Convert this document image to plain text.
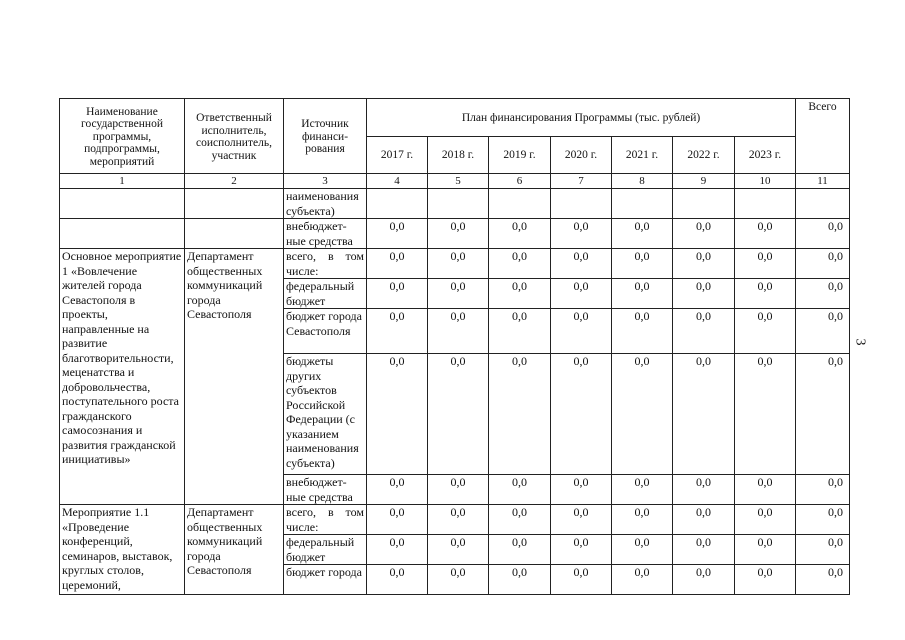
Наименование государственной программы, подпрограммы, мероприятий	Ответственный исполнитель, соисполнитель, участник	Источник финанси-рования	План финансирования Программы (тыс. рублей)							Всего
			2017 г.	2018 г.	2019 г.	2020 г.	2021 г.	2022 г.	2023 г.	
1	2	3	4	5	6	7	8	9	10	11
		наименования субъекта)								
		внебюджет-ные средства	0,0	0,0	0,0	0,0	0,0	0,0	0,0	0,0
Основное мероприятие 1 «Вовлечение жителей города Севастополя в проекты, направленные на развитие благотворительности, меценатства и добровольчества, поступательного роста гражданского самосознания и развития гражданской инициативы»	Департамент общественных коммуникаций города Севастополя	всего, в том числе:	0,0	0,0	0,0	0,0	0,0	0,0	0,0	0,0
		федеральный бюджет	0,0	0,0	0,0	0,0	0,0	0,0	0,0	0,0
		бюджет города Севастополя	0,0	0,0	0,0	0,0	0,0	0,0	0,0	0,0
		бюджеты других субъектов Российской Федерации (с указанием наименования субъекта)	0,0	0,0	0,0	0,0	0,0	0,0	0,0	0,0
		внебюджет-ные средства	0,0	0,0	0,0	0,0	0,0	0,0	0,0	0,0
Мероприятие 1.1 «Проведение конференций, семинаров, выставок, круглых столов, церемоний,	Департамент общественных коммуникаций города Севастополя	всего, в том числе:	0,0	0,0	0,0	0,0	0,0	0,0	0,0	0,0
		федеральный бюджет	0,0	0,0	0,0	0,0	0,0	0,0	0,0	0,0
		бюджет города	0,0	0,0	0,0	0,0	0,0	0,0	0,0	0,0
3
